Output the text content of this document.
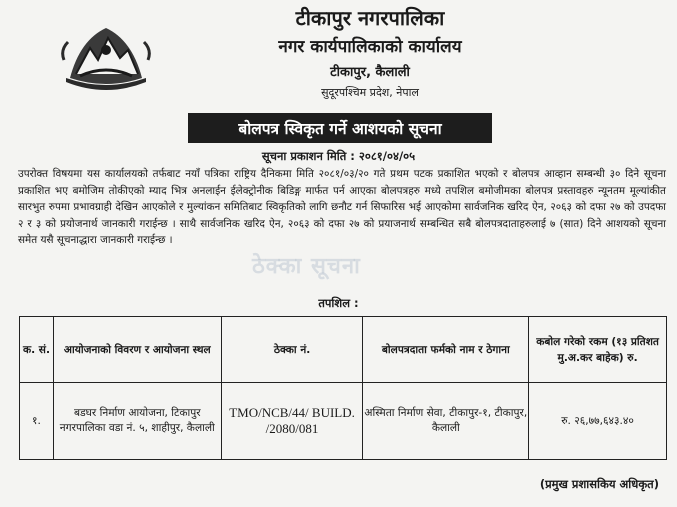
टीकापुर नगरपालिका
नगर कार्यपालिकाको कार्यालय
टीकापुर, कैलाली
सुदूरपश्चिम प्रदेश, नेपाल
बोलपत्र स्विकृत गर्ने आशयको सूचना
सूचना प्रकाशन मिति : २०८१/०४/०५
उपरोक्त विषयमा यस कार्यालयको तर्फबाट नयाँ पत्रिका राष्ट्रिय दैनिकमा मिति २०८१/०३/२० गते प्रथम पटक प्रकाशित भएको र बोलपत्र आव्हान सम्बन्धी ३० दिने सूचना प्रकाशित भए बमोजिम तोकीएको म्याद भित्र अनलाईन ईलेक्ट्रोनीक बिडिङ्ग मार्फत पर्न आएका बोलपत्रहरु मध्ये तपशिल बमोजीमका बोलपत्र प्रस्तावहरु न्यूनतम मूल्यांकीत सारभुत रुपमा प्रभावग्राही देखिन आएकोले र मुल्यांकन समितिबाट स्विकृतिको लागि छनौट गर्न सिफारिस भई आएकोमा सार्वजनिक खरिद ऐन, २०६३ को दफा २७ को उपदफा २ र ३ को प्रयोजनार्थ जानकारी गराईन्छ । साथै सार्वजनिक खरिद ऐन, २०६३ को दफा २७ को प्रयाजनार्थ सम्बन्धित सबै बोलपत्रदाताहरुलाई ७ (सात) दिने आशयको सूचना समेत यसै सूचनाद्धारा जानकारी गराईन्छ ।
ठेक्का सूचना
तपशिल :
क. सं.	आयोजनाको विवरण र आयोजना स्थल	ठेक्का नं.	बोलपत्रदाता फर्मको नाम र ठेगाना	कबोल गरेको रकम (१३ प्रतिशत मु.अ.कर बाहेक) रु.
१.	बडघर निर्माण आयोजना, टिकापुर नगरपालिका वडा नं. ५, शाहीपुर, कैलाली	TMO/NCB/44/ BUILD. /2080/081	अस्मिता निर्माण सेवा, टीकापुर-१, टीकापुर, कैलाली	रु. २६,७७,६४३.४०
(प्रमुख प्रशासकिय अधिकृत)
